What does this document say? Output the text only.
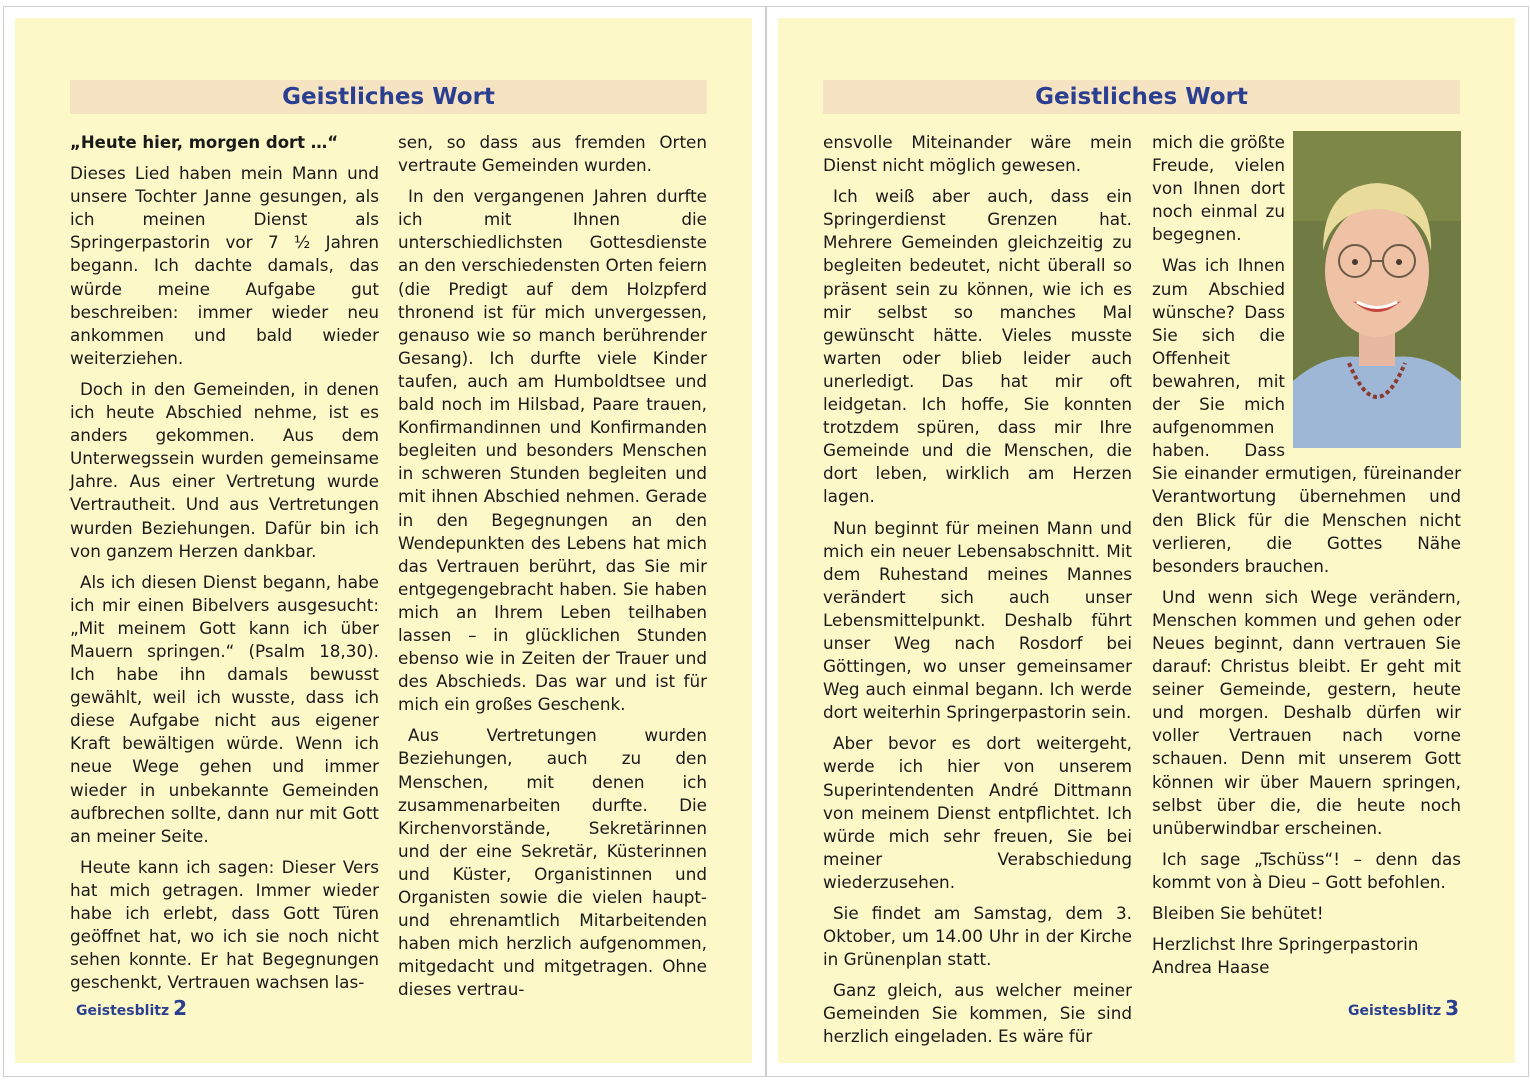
Geistliches Wort
„Heute hier, morgen dort …“

Dieses Lied haben mein Mann und unsere Tochter Janne gesungen, als ich meinen Dienst als Springerpastorin vor 7 ½ Jahren begann. Ich dachte damals, das würde meine Aufgabe gut beschreiben: immer wieder neu ankommen und bald wieder weiterziehen.

Doch in den Gemeinden, in denen ich heute Abschied nehme, ist es anders gekommen. Aus dem Unterwegssein wurden gemeinsame Jahre. Aus einer Vertretung wurde Vertrautheit. Und aus Vertretungen wurden Beziehungen. Dafür bin ich von ganzem Herzen dankbar.

Als ich diesen Dienst begann, habe ich mir einen Bibelvers ausgesucht: „Mit meinem Gott kann ich über Mauern springen.“ (Psalm 18,30). Ich habe ihn damals bewusst gewählt, weil ich wusste, dass ich diese Aufgabe nicht aus eigener Kraft bewältigen würde. Wenn ich neue Wege gehen und immer wieder in unbekannte Gemeinden aufbrechen sollte, dann nur mit Gott an meiner Seite.

Heute kann ich sagen: Dieser Vers hat mich getragen. Immer wieder habe ich erlebt, dass Gott Türen geöffnet hat, wo ich sie noch nicht sehen konnte. Er hat Begegnungen geschenkt, Vertrauen wachsen las-

sen, so dass aus fremden Orten vertraute Gemeinden wurden.

In den vergangenen Jahren durfte ich mit Ihnen die unterschiedlichsten Gottesdienste an den verschiedensten Orten feiern (die Predigt auf dem Holzpferd thronend ist für mich unvergessen, genauso wie so manch berührender Gesang). Ich durfte viele Kinder taufen, auch am Humboldtsee und bald noch im Hilsbad, Paare trauen, Konfirmandinnen und Konfirmanden begleiten und besonders Menschen in schweren Stunden begleiten und mit ihnen Abschied nehmen. Gerade in den Begegnungen an den Wendepunkten des Lebens hat mich das Vertrauen berührt, das Sie mir entgegengebracht haben. Sie haben mich an Ihrem Leben teilhaben lassen – in glücklichen Stunden ebenso wie in Zeiten der Trauer und des Abschieds. Das war und ist für mich ein großes Geschenk.

Aus Vertretungen wurden Beziehungen, auch zu den Menschen, mit denen ich zusammenarbeiten durfte. Die Kirchenvorstände, Sekretärinnen und der eine Sekretär, Küsterinnen und Küster, Organistinnen und Organisten sowie die vielen haupt- und ehrenamtlich Mitarbeitenden haben mich herzlich aufgenommen, mitgedacht und mitgetragen. Ohne dieses vertrau-

Geistesblitz 2
Geistliches Wort

ensvolle Miteinander wäre mein Dienst nicht möglich gewesen.

Ich weiß aber auch, dass ein Springerdienst Grenzen hat. Mehrere Gemeinden gleichzeitig zu begleiten bedeutet, nicht überall so präsent sein zu können, wie ich es mir selbst so manches Mal gewünscht hätte. Vieles musste warten oder blieb leider auch unerledigt. Das hat mir oft leidgetan. Ich hoffe, Sie konnten trotzdem spüren, dass mir Ihre Gemeinde und die Menschen, die dort leben, wirklich am Herzen lagen.

Nun beginnt für meinen Mann und mich ein neuer Lebensabschnitt. Mit dem Ruhestand meines Mannes verändert sich auch unser Lebensmittelpunkt. Deshalb führt unser Weg nach Rosdorf bei Göttingen, wo unser gemeinsamer Weg auch einmal begann. Ich werde dort weiterhin Springerpastorin sein.

Aber bevor es dort weitergeht, werde ich hier von unserem Superintendenten André Dittmann von meinem Dienst entpflichtet. Ich würde mich sehr freuen, Sie bei meiner Verabschiedung wiederzusehen.

Sie findet am Samstag, dem 3. Oktober, um 14.00 Uhr in der Kirche in Grünenplan statt.

Ganz gleich, aus welcher meiner Gemeinden Sie kommen, Sie sind herzlich eingeladen. Es wäre für

mich die größte Freude, vielen von Ihnen dort noch einmal zu begegnen.

Was ich Ihnen zum Abschied wünsche? Dass Sie sich die Offenheit bewahren, mit der Sie mich aufgenommen haben. Dass Sie einander ermutigen, füreinander Verantwortung übernehmen und den Blick für die Menschen nicht verlieren, die Gottes Nähe besonders brauchen.

Und wenn sich Wege verändern, Menschen kommen und gehen oder Neues beginnt, dann vertrauen Sie darauf: Christus bleibt. Er geht mit seiner Gemeinde, gestern, heute und morgen. Deshalb dürfen wir voller Vertrauen nach vorne schauen. Denn mit unserem Gott können wir über Mauern springen, selbst über die, die heute noch unüberwindbar erscheinen.

Ich sage „Tschüss“! – denn das kommt von à Dieu – Gott befohlen.

Bleiben Sie behütet!

Herzlichst Ihre Springerpastorin

Andrea Haase

Geistesblitz 3
